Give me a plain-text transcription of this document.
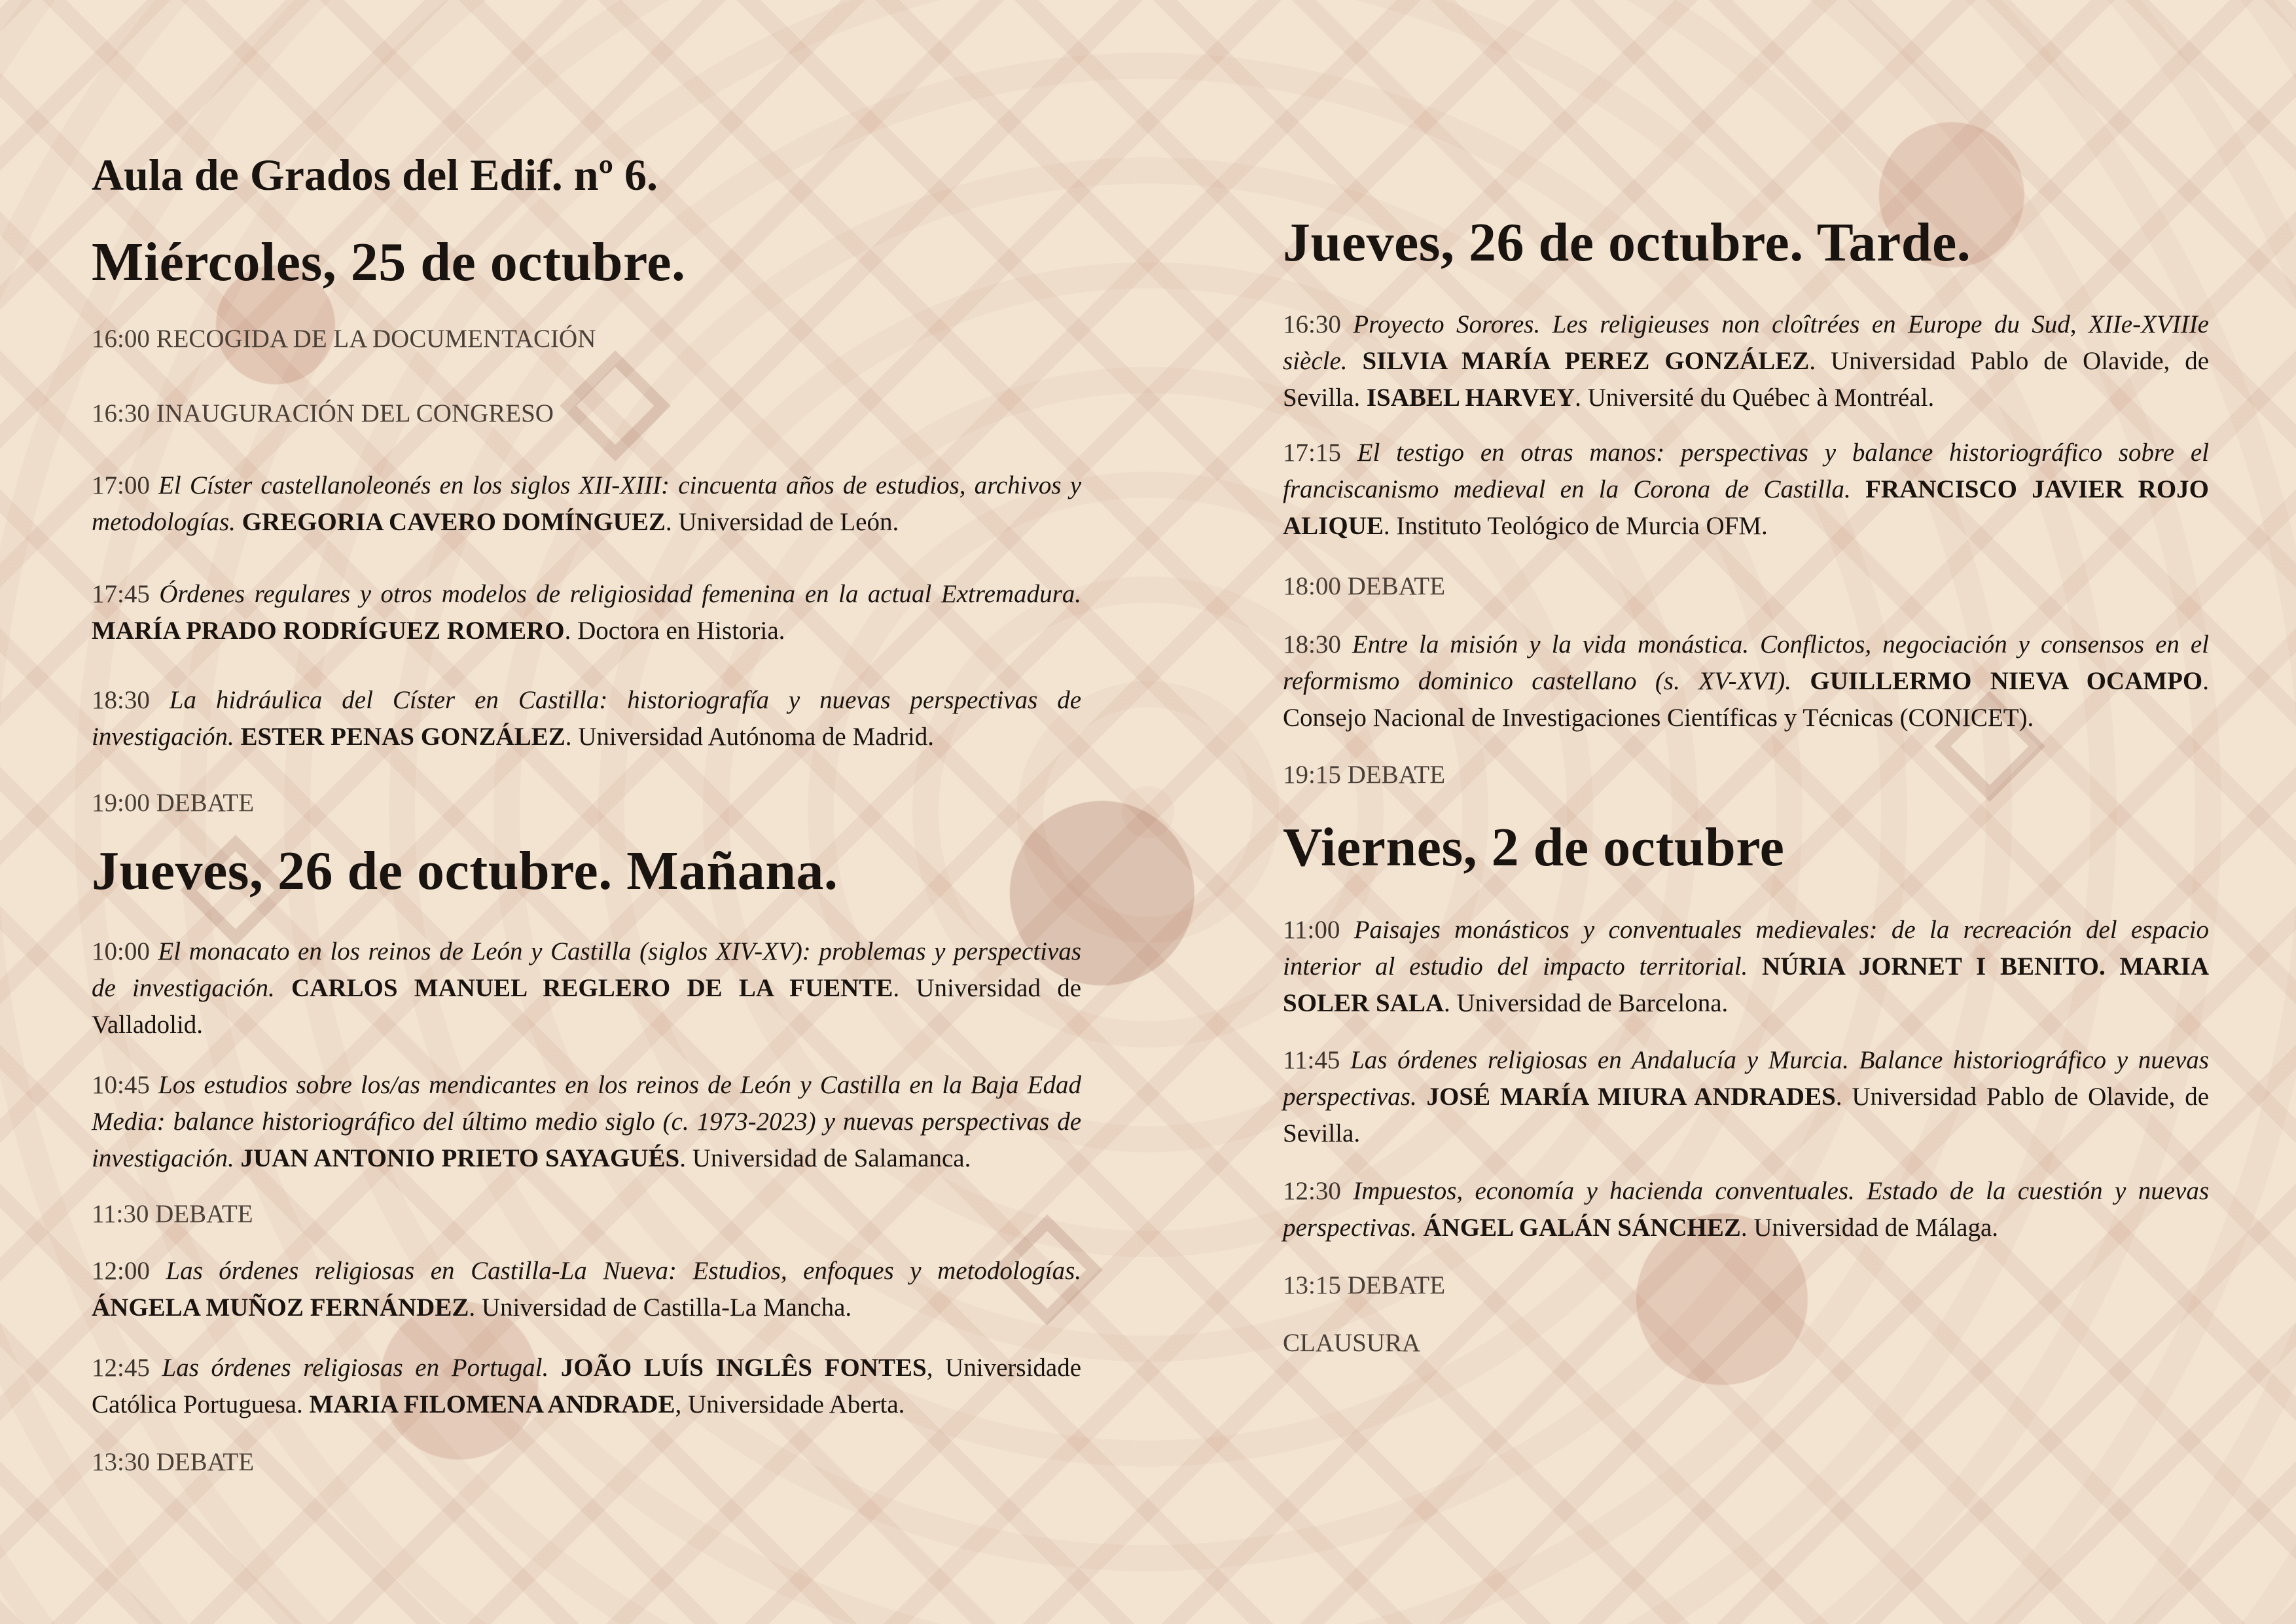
Aula de Grados del Edif. nº 6.
Miércoles, 25 de octubre.
16:00 RECOGIDA DE LA DOCUMENTACIÓN
16:30 INAUGURACIÓN DEL CONGRESO
17:00 El Císter castellanoleonés en los siglos XII-XIII: cincuenta años de estudios, archivos y metodologías. GREGORIA CAVERO DOMÍNGUEZ. Universidad de León.
17:45 Órdenes regulares y otros modelos de religiosidad femenina en la actual Extremadura. MARÍA PRADO RODRÍGUEZ ROMERO. Doctora en Historia.
18:30 La hidráulica del Císter en Castilla: historiografía y nuevas perspectivas de investigación. ESTER PENAS GONZÁLEZ. Universidad Autónoma de Madrid.
19:00 DEBATE
Jueves, 26 de octubre. Mañana.
10:00 El monacato en los reinos de León y Castilla (siglos XIV-XV): problemas y perspectivas de investigación. CARLOS MANUEL REGLERO DE LA FUENTE. Universidad de Valladolid.
10:45 Los estudios sobre los/as mendicantes en los reinos de León y Castilla en la Baja Edad Media: balance historiográfico del último medio siglo (c. 1973-2023) y nuevas perspectivas de investigación. JUAN ANTONIO PRIETO SAYAGUÉS. Universidad de Salamanca.
11:30 DEBATE
12:00 Las órdenes religiosas en Castilla-La Nueva: Estudios, enfoques y metodologías. ÁNGELA MUÑOZ FERNÁNDEZ. Universidad de Castilla-La Mancha.
12:45 Las órdenes religiosas en Portugal. JOÃO LUÍS INGLÊS FONTES, Universidade Católica Portuguesa. MARIA FILOMENA ANDRADE, Universidade Aberta.
13:30 DEBATE
Jueves, 26 de octubre. Tarde.
16:30 Proyecto Sorores. Les religieuses non cloîtrées en Europe du Sud, XIIe-XVIIIe siècle. SILVIA MARÍA PEREZ GONZÁLEZ. Universidad Pablo de Olavide, de Sevilla. ISABEL HARVEY. Université du Québec à Montréal.
17:15 El testigo en otras manos: perspectivas y balance historiográfico sobre el franciscanismo medieval en la Corona de Castilla. FRANCISCO JAVIER ROJO ALIQUE. Instituto Teológico de Murcia OFM.
18:00 DEBATE
18:30 Entre la misión y la vida monástica. Conflictos, negociación y consensos en el reformismo dominico castellano (s. XV-XVI). GUILLERMO NIEVA OCAMPO. Consejo Nacional de Investigaciones Científicas y Técnicas (CONICET).
19:15 DEBATE
Viernes, 2 de octubre
11:00 Paisajes monásticos y conventuales medievales: de la recreación del espacio interior al estudio del impacto territorial. NÚRIA JORNET I BENITO. MARIA SOLER SALA. Universidad de Barcelona.
11:45 Las órdenes religiosas en Andalucía y Murcia. Balance historiográfico y nuevas perspectivas. JOSÉ MARÍA MIURA ANDRADES. Universidad Pablo de Olavide, de Sevilla.
12:30 Impuestos, economía y hacienda conventuales. Estado de la cuestión y nuevas perspectivas. ÁNGEL GALÁN SÁNCHEZ. Universidad de Málaga.
13:15 DEBATE
CLAUSURA
